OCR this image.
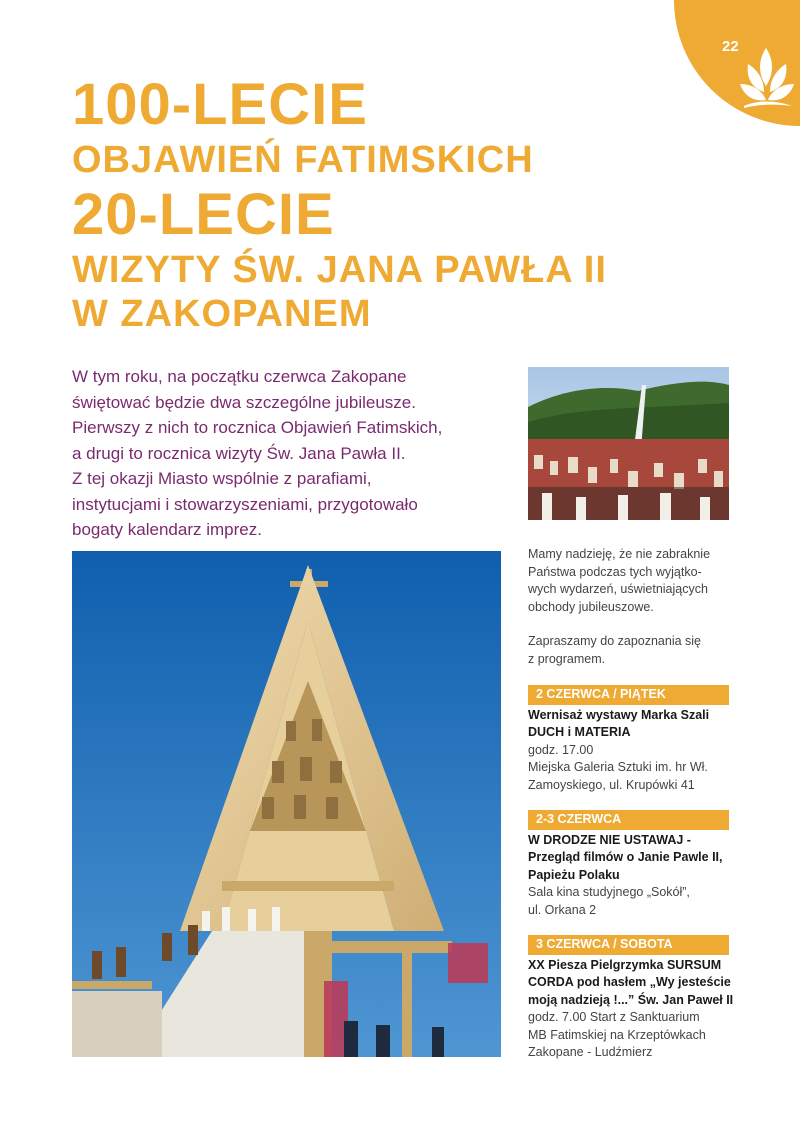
22
100-LECIE
OBJAWIEŃ FATIMSKICH
20-LECIE
WIZYTY ŚW. JANA PAWŁA II
W ZAKOPANEM
W tym roku, na początku czerwca Zakopane
świętować będzie dwa szczególne jubileusze.
Pierwszy z nich to rocznica Objawień Fatimskich,
a drugi to rocznica wizyty Św. Jana Pawła II.
Z tej okazji Miasto wspólnie z parafiami,
instytucjami i stowarzyszeniami, przygotowało
bogaty kalendarz imprez.

Mamy nadzieję, że nie zabraknie
Państwa podczas tych wyjątko-
wych wydarzeń, uświetniających
obchody jubileuszowe.

Zapraszamy do zapoznania się
z programem.

2 CZERWCA / PIĄTEK
Wernisaż wystawy Marka Szali
DUCH i MATERIA
godz. 17.00
Miejska Galeria Sztuki im. hr Wł.
Zamoyskiego, ul. Krupówki 41
2-3 CZERWCA
W DRODZE NIE USTAWAJ -
Przegląd filmów o Janie Pawle II,
Papieżu Polaku
Sala kina studyjnego „Sokół”,
ul. Orkana 2
3 CZERWCA / SOBOTA
XX Piesza Pielgrzymka SURSUM
CORDA pod hasłem „Wy jesteście
moją nadzieją !...” Św. Jan Paweł II
godz. 7.00 Start z Sanktuarium
MB Fatimskiej na Krzeptówkach
Zakopane - Ludźmierz
